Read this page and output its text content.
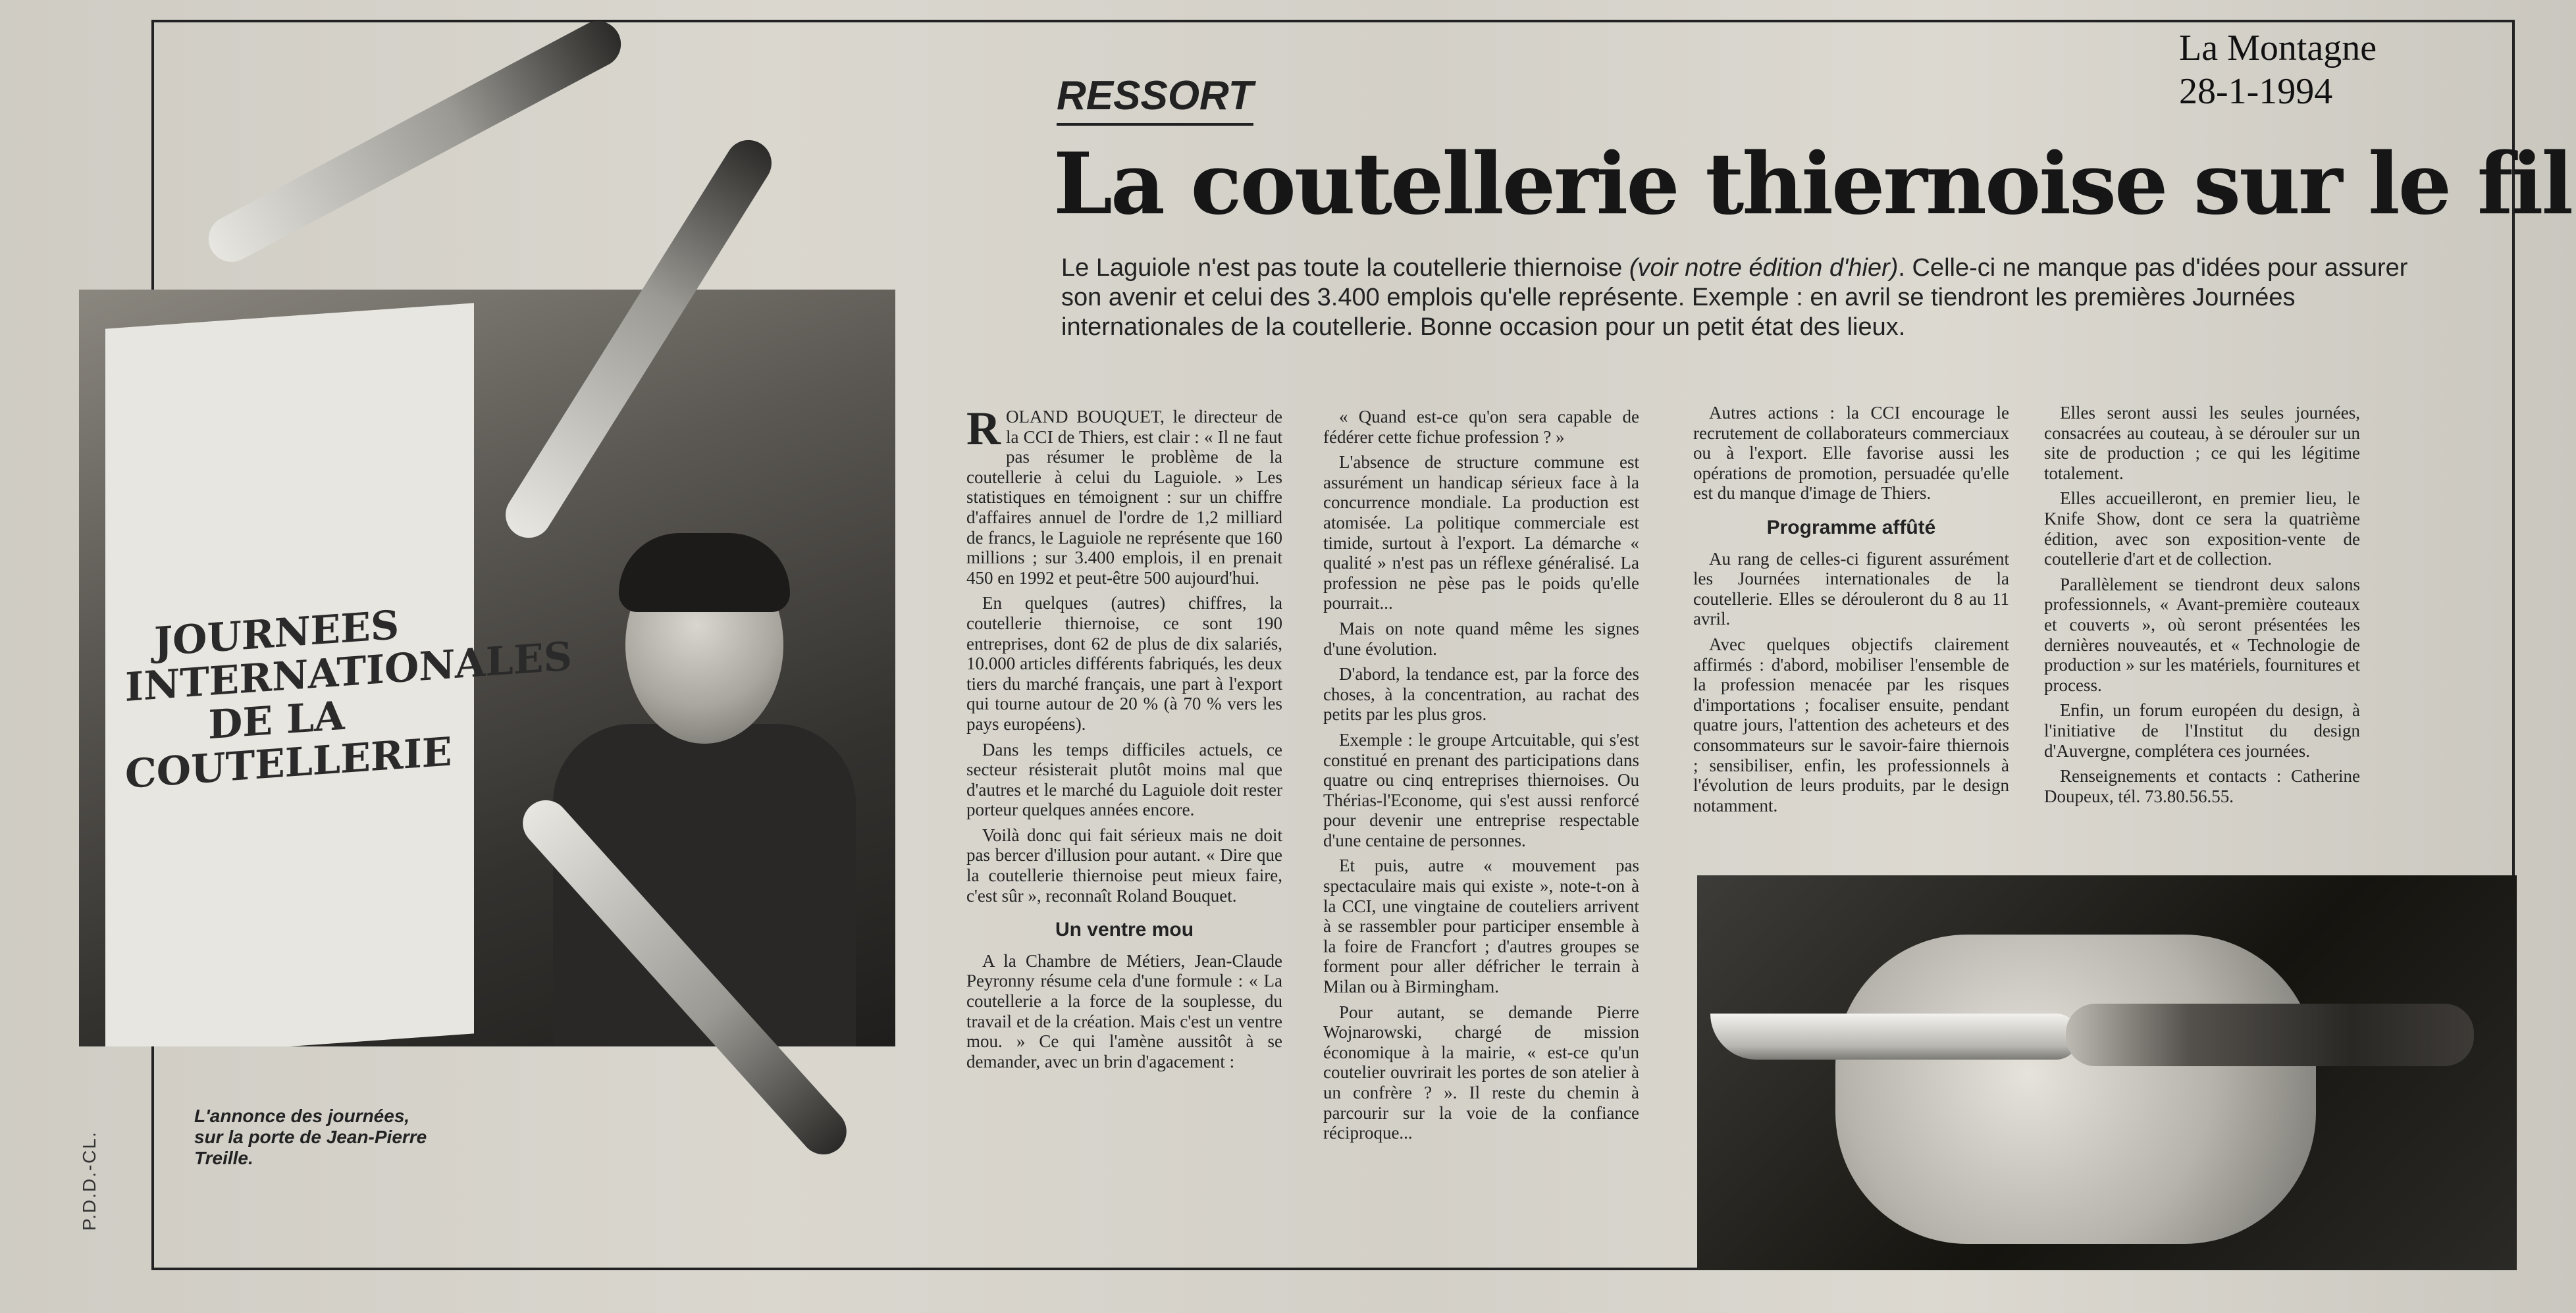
La Montagne
28-1-1994
JOURNEES INTERNATIONALES DE LA COUTELLERIE
L'annonce des journées, sur la porte de Jean-Pierre Treille.
P.D.D.-CL.
RESSORT
La coutellerie thiernoise sur le fil
Le Laguiole n'est pas toute la coutellerie thiernoise (voir notre édition d'hier). Celle-ci ne manque pas d'idées pour assurer son avenir et celui des 3.400 emplois qu'elle représente. Exemple : en avril se tiendront les premières Journées internationales de la coutellerie. Bonne occasion pour un petit état des lieux.

ROLAND BOUQUET, le directeur de la CCI de Thiers, est clair : « Il ne faut pas résumer le problème de la coutellerie à celui du Laguiole. » Les statistiques en témoignent : sur un chiffre d'affaires annuel de l'ordre de 1,2 milliard de francs, le Laguiole ne représente que 160 millions ; sur 3.400 emplois, il en prenait 450 en 1992 et peut-être 500 aujourd'hui.

En quelques (autres) chiffres, la coutellerie thiernoise, ce sont 190 entreprises, dont 62 de plus de dix salariés, 10.000 articles différents fabriqués, les deux tiers du marché français, une part à l'export qui tourne autour de 20 % (à 70 % vers les pays européens).

Dans les temps difficiles actuels, ce secteur résisterait plutôt moins mal que d'autres et le marché du Laguiole doit rester porteur quelques années encore.

Voilà donc qui fait sérieux mais ne doit pas bercer d'illusion pour autant. « Dire que la coutellerie thiernoise peut mieux faire, c'est sûr », reconnaît Roland Bouquet.

Un ventre mou

A la Chambre de Métiers, Jean-Claude Peyronny résume cela d'une formule : « La coutellerie a la force de la souplesse, du travail et de la création. Mais c'est un ventre mou. » Ce qui l'amène aussitôt à se demander, avec un brin d'agacement :

« Quand est-ce qu'on sera capable de fédérer cette fichue profession ? »

L'absence de structure commune est assurément un handicap sérieux face à la concurrence mondiale. La production est atomisée. La politique commerciale est timide, surtout à l'export. La démarche « qualité » n'est pas un réflexe généralisé. La profession ne pèse pas le poids qu'elle pourrait...

Mais on note quand même les signes d'une évolution.

D'abord, la tendance est, par la force des choses, à la concentration, au rachat des petits par les plus gros.

Exemple : le groupe Artcuitable, qui s'est constitué en prenant des participations dans quatre ou cinq entreprises thiernoises. Ou Thérias-l'Econome, qui s'est aussi renforcé pour devenir une entreprise respectable d'une centaine de personnes.

Et puis, autre « mouvement pas spectaculaire mais qui existe », note-t-on à la CCI, une vingtaine de couteliers arrivent à se rassembler pour participer ensemble à la foire de Francfort ; d'autres groupes se forment pour aller défricher le terrain à Milan ou à Birmingham.

Pour autant, se demande Pierre Wojnarowski, chargé de mission économique à la mairie, « est-ce qu'un coutelier ouvrirait les portes de son atelier à un confrère ? ». Il reste du chemin à parcourir sur la voie de la confiance réciproque...

Autres actions : la CCI encourage le recrutement de collaborateurs commerciaux ou à l'export. Elle favorise aussi les opérations de promotion, persuadée qu'elle est du manque d'image de Thiers.

Programme affûté

Au rang de celles-ci figurent assurément les Journées internationales de la coutellerie. Elles se dérouleront du 8 au 11 avril.

Avec quelques objectifs clairement affirmés : d'abord, mobiliser l'ensemble de la profession menacée par les risques d'importations ; focaliser ensuite, pendant quatre jours, l'attention des acheteurs et des consommateurs sur le savoir-faire thiernois ; sensibiliser, enfin, les professionnels à l'évolution de leurs produits, par le design notamment.

Elles seront aussi les seules journées, consacrées au couteau, à se dérouler sur un site de production ; ce qui les légitime totalement.

Elles accueilleront, en premier lieu, le Knife Show, dont ce sera la quatrième édition, avec son exposition-vente de coutellerie d'art et de collection.

Parallèlement se tiendront deux salons professionnels, « Avant-première couteaux et couverts », où seront présentées les dernières nouveautés, et « Technologie de production » sur les matériels, fournitures et process.

Enfin, un forum européen du design, à l'initiative de l'Institut du design d'Auvergne, complétera ces journées.

Renseignements et contacts : Catherine Doupeux, tél. 73.80.56.55.
